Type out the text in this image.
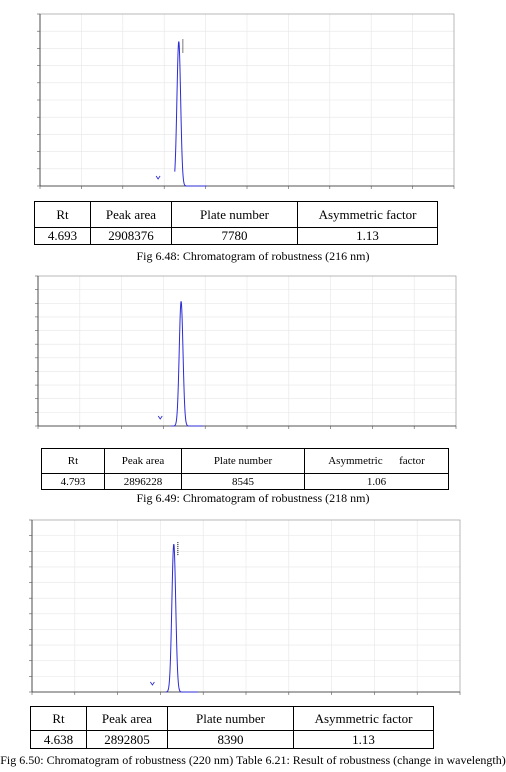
Rt	Peak area	Plate number	Asymmetric factor
4.693	2908376	7780	1.13
Fig 6.48: Chromatogram of robustness (216 nm)
Rt	Peak area	Plate number	Asymmetric      factor
4.793	2896228	8545	1.06
Fig 6.49: Chromatogram of robustness (218 nm)
Rt	Peak area	Plate number	Asymmetric factor
4.638	2892805	8390	1.13
Fig 6.50: Chromatogram of robustness (220 nm) Table 6.21: Result of robustness (change in wavelength)
